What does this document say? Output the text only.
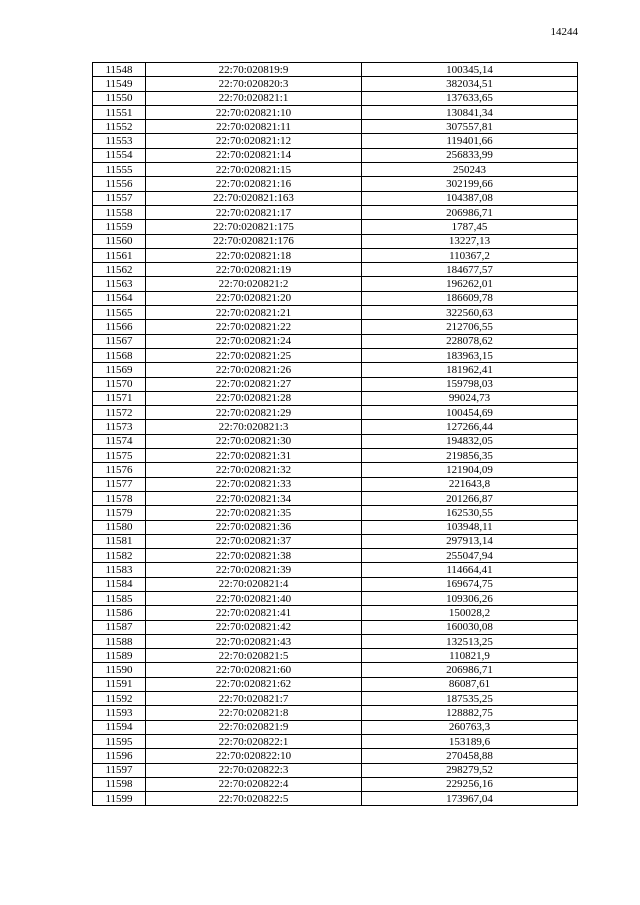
14244
11548	22:70:020819:9	100345,14
11549	22:70:020820:3	382034,51
11550	22:70:020821:1	137633,65
11551	22:70:020821:10	130841,34
11552	22:70:020821:11	307557,81
11553	22:70:020821:12	119401,66
11554	22:70:020821:14	256833,99
11555	22:70:020821:15	250243
11556	22:70:020821:16	302199,66
11557	22:70:020821:163	104387,08
11558	22:70:020821:17	206986,71
11559	22:70:020821:175	1787,45
11560	22:70:020821:176	13227,13
11561	22:70:020821:18	110367,2
11562	22:70:020821:19	184677,57
11563	22:70:020821:2	196262,01
11564	22:70:020821:20	186609,78
11565	22:70:020821:21	322560,63
11566	22:70:020821:22	212706,55
11567	22:70:020821:24	228078,62
11568	22:70:020821:25	183963,15
11569	22:70:020821:26	181962,41
11570	22:70:020821:27	159798,03
11571	22:70:020821:28	99024,73
11572	22:70:020821:29	100454,69
11573	22:70:020821:3	127266,44
11574	22:70:020821:30	194832,05
11575	22:70:020821:31	219856,35
11576	22:70:020821:32	121904,09
11577	22:70:020821:33	221643,8
11578	22:70:020821:34	201266,87
11579	22:70:020821:35	162530,55
11580	22:70:020821:36	103948,11
11581	22:70:020821:37	297913,14
11582	22:70:020821:38	255047,94
11583	22:70:020821:39	114664,41
11584	22:70:020821:4	169674,75
11585	22:70:020821:40	109306,26
11586	22:70:020821:41	150028,2
11587	22:70:020821:42	160030,08
11588	22:70:020821:43	132513,25
11589	22:70:020821:5	110821,9
11590	22:70:020821:60	206986,71
11591	22:70:020821:62	86087,61
11592	22:70:020821:7	187535,25
11593	22:70:020821:8	128882,75
11594	22:70:020821:9	260763,3
11595	22:70:020822:1	153189,6
11596	22:70:020822:10	270458,88
11597	22:70:020822:3	298279,52
11598	22:70:020822:4	229256,16
11599	22:70:020822:5	173967,04
